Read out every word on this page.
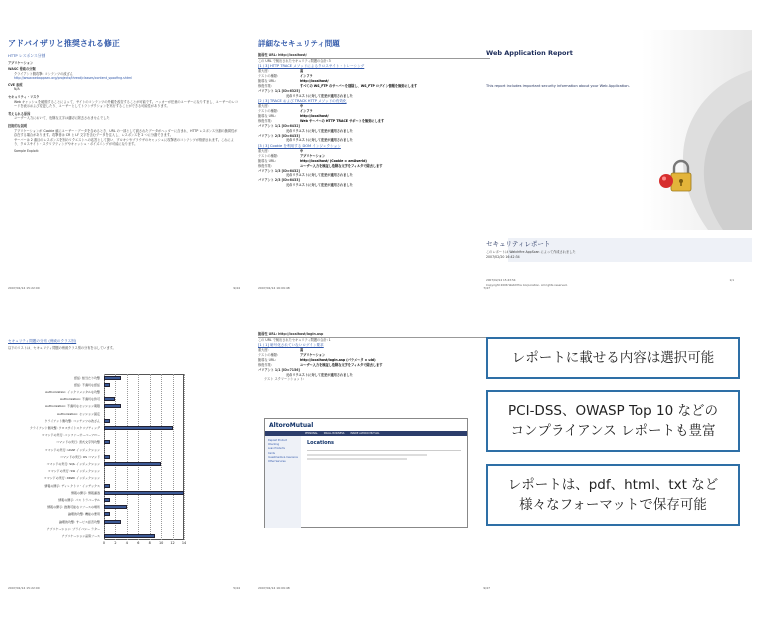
アドバイザリと推奨される修正
HTTP レスポンス分割
アプリケーション
WASC 脅威の分類
クライアント側攻撃: コンテンツの改ざん
http://www.webappsec.org/projects/threat/classes/content_spoofing.shtml
CVE 参照
N/A
セキュリティ・リスク
Web キャッシュを破損することによって、サイトのコンテンツの外観を改変することが可能です。ハッカーが任意のユーザーになりすまし、ユーザーのレコードを表示および変更したり、ユーザーとしてトランザクションを実行することができる可能性があります。
考えられる原因
ユーザー入力において、危険な文字は適切に除去されませんでした
技術的な説明
アプリケーションが Cookie 値にユーザー・データを含めるとき、URL の一部として渡されたデータがヘッダーに含まれ、HTTP レスポンス分割の脆弱性が存在する場合があります。攻撃者は CR と LF 文字を含むデータを注入し、レスポンスを 2 つに分割できます。
サーバーは 2 番目のレスポンスを別のリクエストへの応答として扱い、プロキシやブラウザのキャッシュに攻撃者のコンテンツが格納されます。これにより、クロスサイト・スクリプティングやキャッシュ・ポイズニングが可能になります。
Sample Exploit:
2007/02/14 15:22:00	9/44
詳細なセキュリティ問題
脆弱性 URL: http://localhost/
この URL で検出されたセキュリティ問題の合計: 3
[1 / 3] HTTP TRACE メソッドによるクロスサイト・トレーシング
重大度:	高
テストの種類:	インフラ
脆弱な URL:	http://localhost/
修復作業:	すべての WS_FTP のサーバーを削除し、WS_FTP ログイン情報を無効にします
バリアント 1/1 [ID=6325]
元のリクエストに対して変更が適用されました
[2 / 3] TRACE および TRACK HTTP メソッドの有効化
重大度:	中
テストの種類:	インフラ
脆弱な URL:	http://localhost/
修復作業:	Web サーバーの HTTP TRACE サポートを無効にします
バリアント 1/1 [ID=6432]
元のリクエストに対して変更が適用されました
バリアント 2/3 [ID=6433]
元のリクエストに対して変更が適用されました
[3 / 3] Cookie を利用する DOM インジェクション
重大度:	中
テストの種類:	アプリケーション
脆弱な URL:	http://localhost/ (Cookie = amUserId)
修復作業:	ユーザー入力を検証し危険な文字をフィルタで除去します
バリアント 1/3 [ID=6432]
元のリクエストに対して変更が適用されました
バリアント 2/3 [ID=6433]
元のリクエストに対して変更が適用されました
2007/02/14 16:09:48	7/47
Web Application Report
This report includes important security information about your Web Application.
セキュリティレポート
このレポートは Watchfire AppScan によって作成されました
2007/02/20 16:42:34
2007/02/14 15:43:54
Copyright 2006 Watchfire Corporation. All rights reserved.
1/1
セキュリティ問題の分布 (脅威のクラス別)
以下のリストは、セキュリティ問題の脅威クラス別の分布を示しています。
0	2	4	6	8	10	12	14
認証: 総当たり攻撃
認証: 不適切な認証
Authorization: インクリメンタルな攻撃
Authorization: 不適切な許可
Authorization: 不適切なセッション期限
Authorization: セッション固定
クライアント側攻撃: コンテンツの改ざん
クライアント側攻撃: クロスサイトスクリプティング
コマンドの実行: バッファーオーバーフロー
コマンドの実行: 書式文字列攻撃
コマンドの実行: LDAP インジェクション
コマンドの実行: OS コマンド
コマンドの実行: SQL インジェクション
コマンドの実行: SSI インジェクション
コマンドの実行: XPath インジェクション
情報の開示: ディレクトリ・インデックス
情報の開示: 情報漏洩
情報の開示: パス トラバーサル
情報の開示: 推測可能なリソースの場所
論理的攻撃: 機能の悪用
論理的攻撃: サービス拒否攻撃
アプリケーション: プライバシー ラター
アプリケーション品質ソース
2007/02/14 15:22:00	5/44
脆弱性 URL: http://localhost/login.asp
この URL で検出されたセキュリティ問題の合計: 1
[1 / 1] 暗号化されていないログイン要求
重大度:	高
テストの種類:	アプリケーション
脆弱な URL:	http://localhost/login.asp (パラメータ = uid)
修復作業:	ユーザー入力を検証し危険な文字をフィルタで除去します
バリアント 1/1 [ID=7156]
元のリクエストに対して変更が適用されました
テスト スクリーンショット:
AltoroMutual
PERSONAL	SMALL BUSINESS	INSIDE ALTORO MUTUAL
Deposit Product
Checking
Loan Products
Cards
Investments & Insurance
Other Services
Locations
2007/02/14 16:09:48	9/47
レポートに載せる内容は選択可能
PCI-DSS、OWASP Top 10 などの
コンプライアンス レポートも豊富
レポートは、pdf、html、txt など
様々なフォーマットで保存可能
